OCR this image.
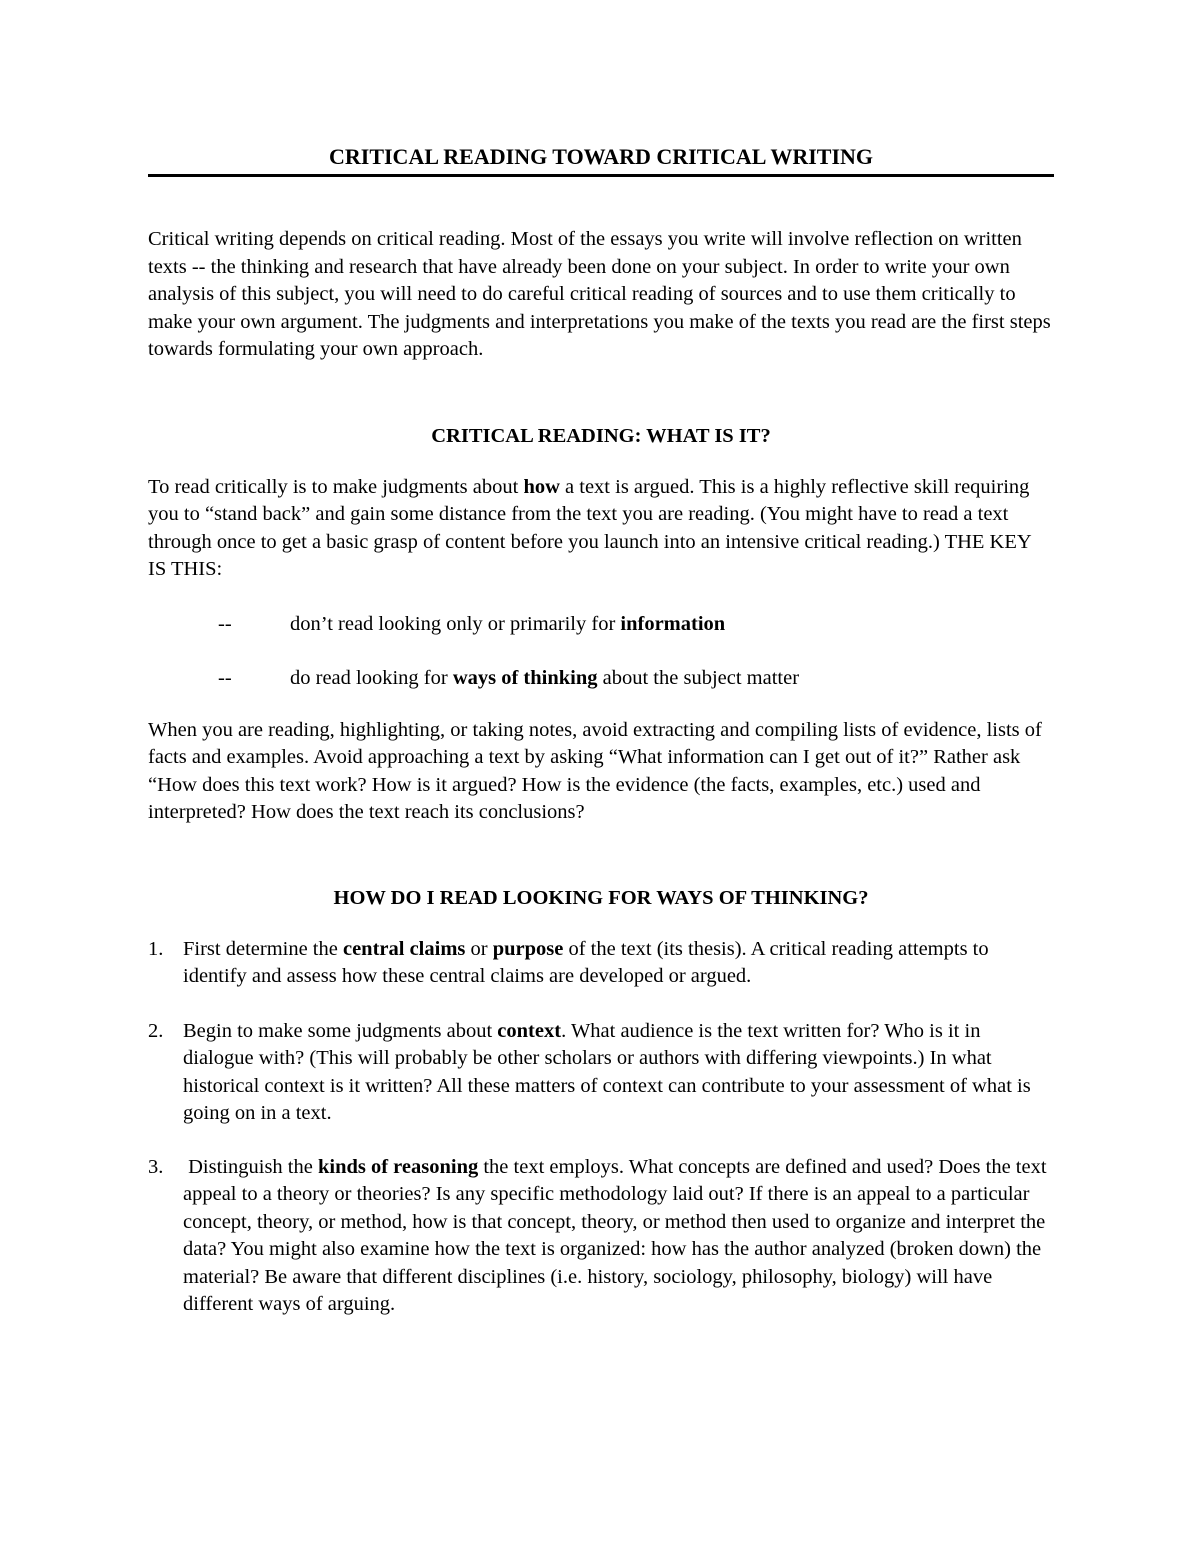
CRITICAL READING TOWARD CRITICAL WRITING

Critical writing depends on critical reading. Most of the essays you write will involve reflection on written texts -- the thinking and research that have already been done on your subject. In order to write your own analysis of this subject, you will need to do careful critical reading of sources and to use them critically to make your own argument. The judgments and interpretations you make of the texts you read are the first steps towards formulating your own approach.

CRITICAL READING: WHAT IS IT?

To read critically is to make judgments about how a text is argued. This is a highly reflective skill requiring you to “stand back” and gain some distance from the text you are reading. (You might have to read a text through once to get a basic grasp of content before you launch into an intensive critical reading.) THE KEY IS THIS:

--	don’t read looking only or primarily for information
--	do read looking for ways of thinking about the subject matter

When you are reading, highlighting, or taking notes, avoid extracting and compiling lists of evidence, lists of facts and examples. Avoid approaching a text by asking “What information can I get out of it?” Rather ask “How does this text work? How is it argued? How is the evidence (the facts, examples, etc.) used and interpreted? How does the text reach its conclusions?

HOW DO I READ LOOKING FOR WAYS OF THINKING?
1. First determine the central claims or purpose of the text (its thesis). A critical reading attempts to identify and assess how these central claims are developed or argued.
2. Begin to make some judgments about context. What audience is the text written for? Who is it in dialogue with? (This will probably be other scholars or authors with differing viewpoints.) In what historical context is it written? All these matters of context can contribute to your assessment of what is going on in a text.
3. Distinguish the kinds of reasoning the text employs. What concepts are defined and used? Does the text appeal to a theory or theories? Is any specific methodology laid out? If there is an appeal to a particular concept, theory, or method, how is that concept, theory, or method then used to organize and interpret the data? You might also examine how the text is organized: how has the author analyzed (broken down) the material? Be aware that different disciplines (i.e. history, sociology, philosophy, biology) will have different ways of arguing.
